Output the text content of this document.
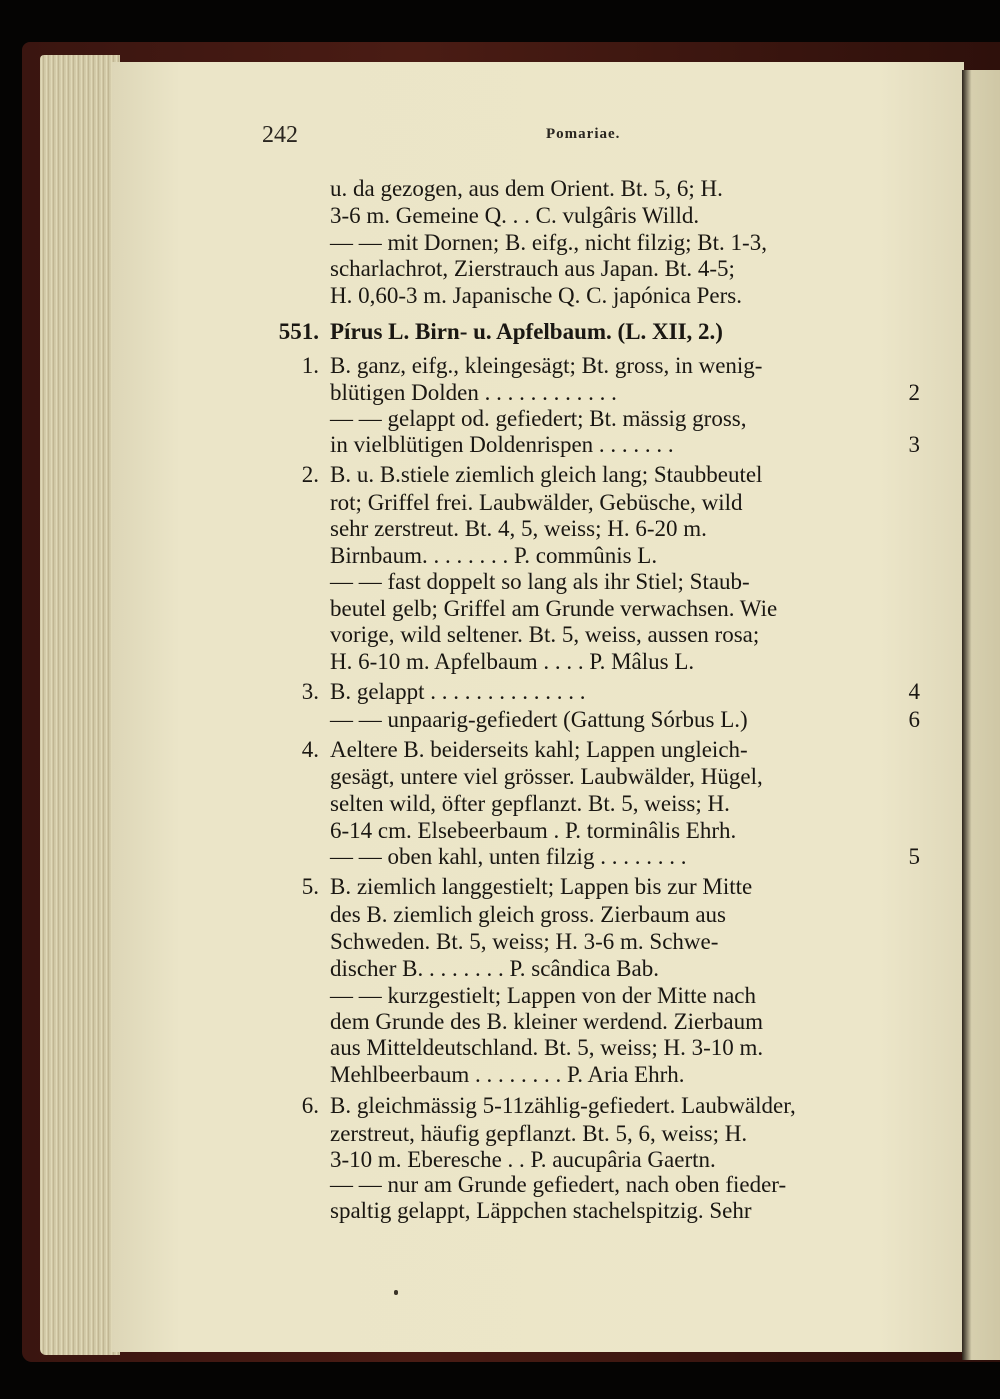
242	Pomariae.
551.
1.
2.
3.
4.
5.
6.
u. da gezogen, aus dem Orient. Bt. 5, 6; H.
3-6 m. Gemeine Q. . . C. vulgâris Willd.
— — mit Dornen; B. eifg., nicht filzig; Bt. 1-3,
scharlachrot, Zierstrauch aus Japan. Bt. 4-5;
H. 0,60-3 m. Japanische Q. C. japónica Pers.
Pírus L. Birn- u. Apfelbaum. (L. XII, 2.)
B. ganz, eifg., kleingesägt; Bt. gross, in wenig-
blütigen Dolden . . . . . . . . . . . .
— — gelappt od. gefiedert; Bt. mässig gross,
in vielblütigen Doldenrispen . . . . . . .
B. u. B.stiele ziemlich gleich lang; Staubbeutel
rot; Griffel frei. Laubwälder, Gebüsche, wild
sehr zerstreut. Bt. 4, 5, weiss; H. 6-20 m.
Birnbaum. . . . . . . . P. commûnis L.
— — fast doppelt so lang als ihr Stiel; Staub-
beutel gelb; Griffel am Grunde verwachsen. Wie
vorige, wild seltener. Bt. 5, weiss, aussen rosa;
H. 6-10 m. Apfelbaum . . . . P. Mâlus L.
B. gelappt . . . . . . . . . . . . . .
— — unpaarig-gefiedert (Gattung Sórbus L.)
Aeltere B. beiderseits kahl; Lappen ungleich-
gesägt, untere viel grösser. Laubwälder, Hügel,
selten wild, öfter gepflanzt. Bt. 5, weiss; H.
6-14 cm. Elsebeerbaum . P. torminâlis Ehrh.
— — oben kahl, unten filzig . . . . . . . .
B. ziemlich langgestielt; Lappen bis zur Mitte
des B. ziemlich gleich gross. Zierbaum aus
Schweden. Bt. 5, weiss; H. 3-6 m. Schwe-
discher B. . . . . . . . P. scândica Bab.
— — kurzgestielt; Lappen von der Mitte nach
dem Grunde des B. kleiner werdend. Zierbaum
aus Mitteldeutschland. Bt. 5, weiss; H. 3-10 m.
Mehlbeerbaum . . . . . . . . P. Aria Ehrh.
B. gleichmässig 5-11zählig-gefiedert. Laubwälder,
zerstreut, häufig gepflanzt. Bt. 5, 6, weiss; H.
3-10 m. Eberesche . . P. aucupâria Gaertn.
— — nur am Grunde gefiedert, nach oben fieder-
spaltig gelappt, Läppchen stachelspitzig. Sehr
2
3
4
6
5
